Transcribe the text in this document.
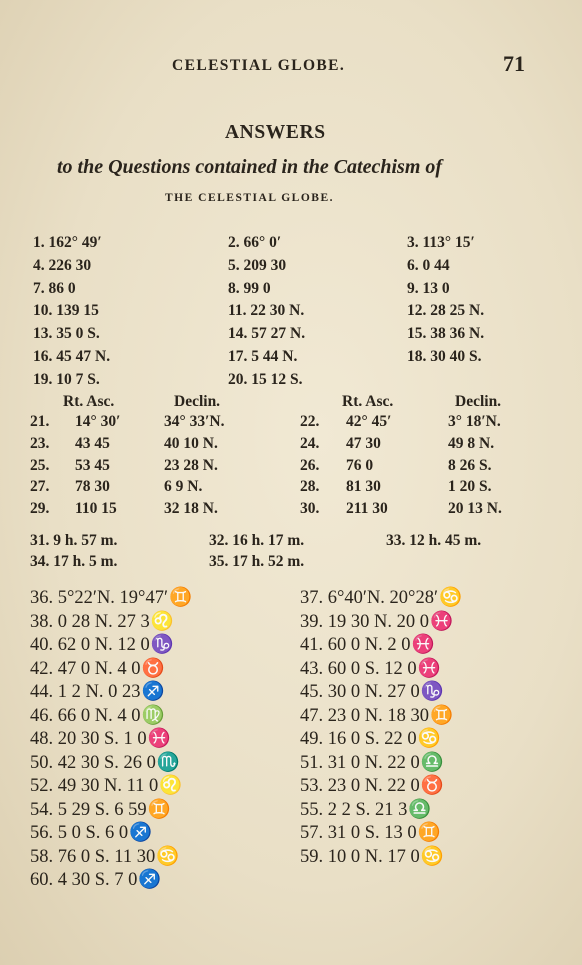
CELESTIAL GLOBE.	71
ANSWERS
to the Questions contained in the Catechism of
THE CELESTIAL GLOBE.
1. 162° 49′	2. 66° 0′	3. 113° 15′
4. 226 30	5. 209 30	6. 0 44
7. 86 0	8. 99 0	9. 13 0
10. 139 15	11. 22 30 N.	12. 28 25 N.
13. 35 0 S.	14. 57 27 N.	15. 38 36 N.
16. 45 47 N.	17. 5 44 N.	18. 30 40 S.
19. 10 7 S.	20. 15 12 S.
Rt. Asc.	Declin.	Rt. Asc.	Declin.
21. 14° 30′	34° 33′N.	22. 42° 45′	3° 18′N.
23. 43 45	40 10 N.	24. 47 30	49 8 N.
25. 53 45	23 28 N.	26. 76 0	8 26 S.
27. 78 30	6 9 N.	28. 81 30	1 20 S.
29. 110 15	32 18 N.	30. 211 30	20 13 N.
31. 9 h. 57 m.	32. 16 h. 17 m.	33. 12 h. 45 m.
34. 17 h. 5 m.	35. 17 h. 52 m.
36. 5°22′N. 19°47′♊	37. 6°40′N. 20°28′♋
38. 0 28 N. 27 3♌	39. 19 30 N. 20 0♓
40. 62 0 N. 12 0♑	41. 60 0 N. 2 0♓
42. 47 0 N. 4 0♉	43. 60 0 S. 12 0♓
44. 1 2 N. 0 23♐	45. 30 0 N. 27 0♑
46. 66 0 N. 4 0♍	47. 23 0 N. 18 30♊
48. 20 30 S. 1 0♓	49. 16 0 S. 22 0♋
50. 42 30 S. 26 0♏	51. 31 0 N. 22 0♎
52. 49 30 N. 11 0♌	53. 23 0 N. 22 0♉
54. 5 29 S. 6 59♊	55. 2 2 S. 21 3♎
56. 5 0 S. 6 0♐	57. 31 0 S. 13 0♊
58. 76 0 S. 11 30♋	59. 10 0 N. 17 0♋
60. 4 30 S. 7 0♐
